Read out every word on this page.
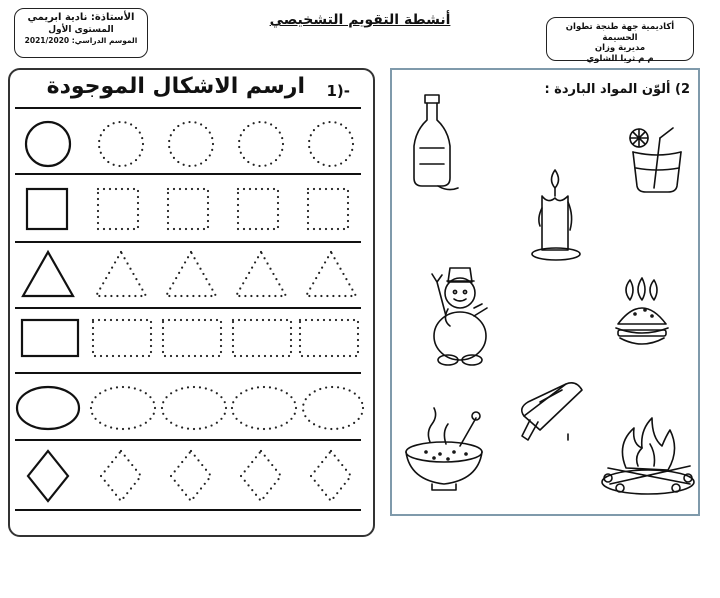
الأستاذة: نادية ابريمي
المستوى الأول
الموسم الدراسي: 2021/2020
أنشطة التقويم التشخيصي	أكاديمية جهة طنجة تطوان الحسيمة
مديرية وزان
م م ثريا الشاوي
-(1
ارسم الاشكال الموجودة	2) ألوّن المواد الباردة :
